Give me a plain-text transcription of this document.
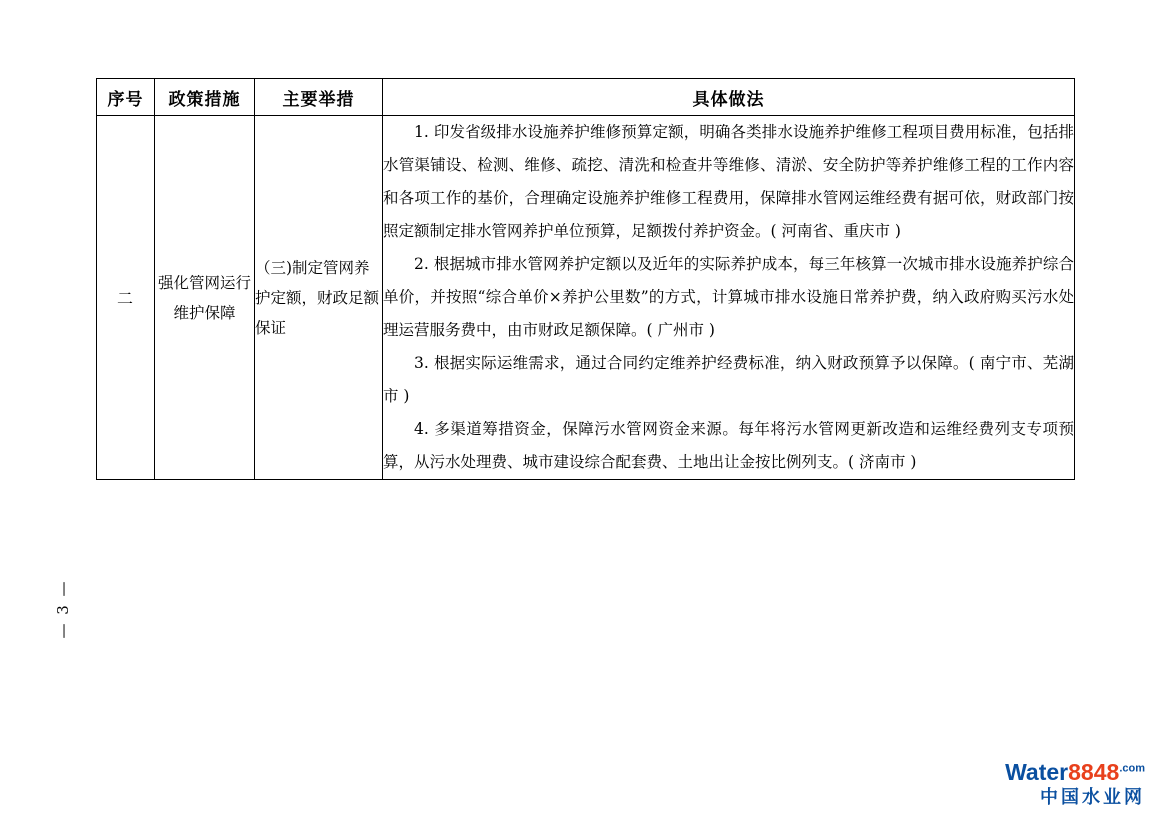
— 3 —
序号	政策措施	主要举措	具体做法
二	强化管网运行维护保障	（三)制定管网养护定额，财政足额保证	1. 印发省级排水设施养护维修预算定额，明确各类排水设施养护维修工程项目费用标准，包括排水管渠铺设、检测、维修、疏挖、清洗和检查井等维修、清淤、安全防护等养护维修工程的工作内容和各项工作的基价，合理确定设施养护维修工程费用，保障排水管网运维经费有据可依，财政部门按照定额制定排水管网养护单位预算，足额拨付养护资金。( 河南省、重庆市 )

2. 根据城市排水管网养护定额以及近年的实际养护成本，每三年核算一次城市排水设施养护综合单价，并按照“综合单价×养护公里数”的方式，计算城市排水设施日常养护费，纳入政府购买污水处理运营服务费中，由市财政足额保障。( 广州市 )

3. 根据实际运维需求，通过合同约定维养护经费标准，纳入财政预算予以保障。( 南宁市、芜湖市 )

4. 多渠道筹措资金，保障污水管网资金来源。每年将污水管网更新改造和运维经费列支专项预算，从污水处理费、城市建设综合配套费、土地出让金按比例列支。( 济南市 )

$Water8848^{.com}$
中国水业网
